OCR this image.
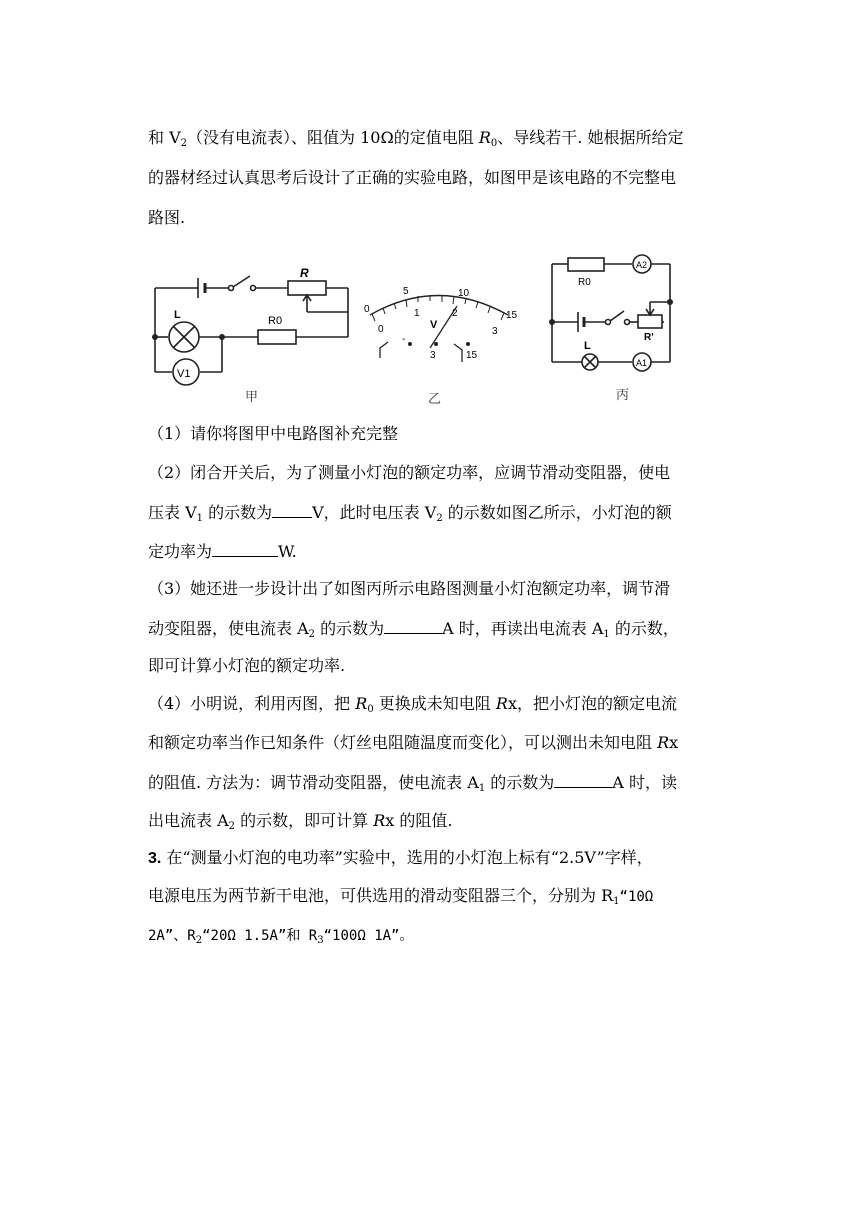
和 $V_2$（没有电流表）、阻值为 10Ω的定值电阻 $R_0$、导线若干. 她根据所给定
的器材经过认真思考后设计了正确的实验电路，如图甲是该电路的不完整电
路图.
R
L	R0
V1
甲
0
5	10
15
0
1	2
3
V
-
3	15
乙
A2
R0
R'
L
A1
丙
（1）请你将图甲中电路图补充完整
（2）闭合开关后，为了测量小灯泡的额定功率，应调节滑动变阻器，使电
压表 $V_1$ 的示数为	V，此时电压表 $V_2$ 的示数如图乙所示，小灯泡的额
定功率为	W.
（3）她还进一步设计出了如图丙所示电路图测量小灯泡额定功率，调节滑
动变阻器，使电流表 $A_2$ 的示数为	A 时，再读出电流表 $A_1$ 的示数，
即可计算小灯泡的额定功率.
（4）小明说，利用丙图，把 $R_0$ 更换成未知电阻 Rx，把小灯泡的额定电流
和额定功率当作已知条件（灯丝电阻随温度而变化），可以测出未知电阻 Rx
的阻值. 方法为：调节滑动变阻器，使电流表 $A_1$ 的示数为	A 时，读
出电流表 $A_2$ 的示数，即可计算 Rx 的阻值.
3. 在“测量小灯泡的电功率”实验中，选用的小灯泡上标有“2.5V”字样，
电源电压为两节新干电池，可供选用的滑动变阻器三个，分别为 $R_1“10\Omega$
2A”、$R_2“20\Omega$ 1.5A”和 $R_3“100\Omega$ 1A”。
